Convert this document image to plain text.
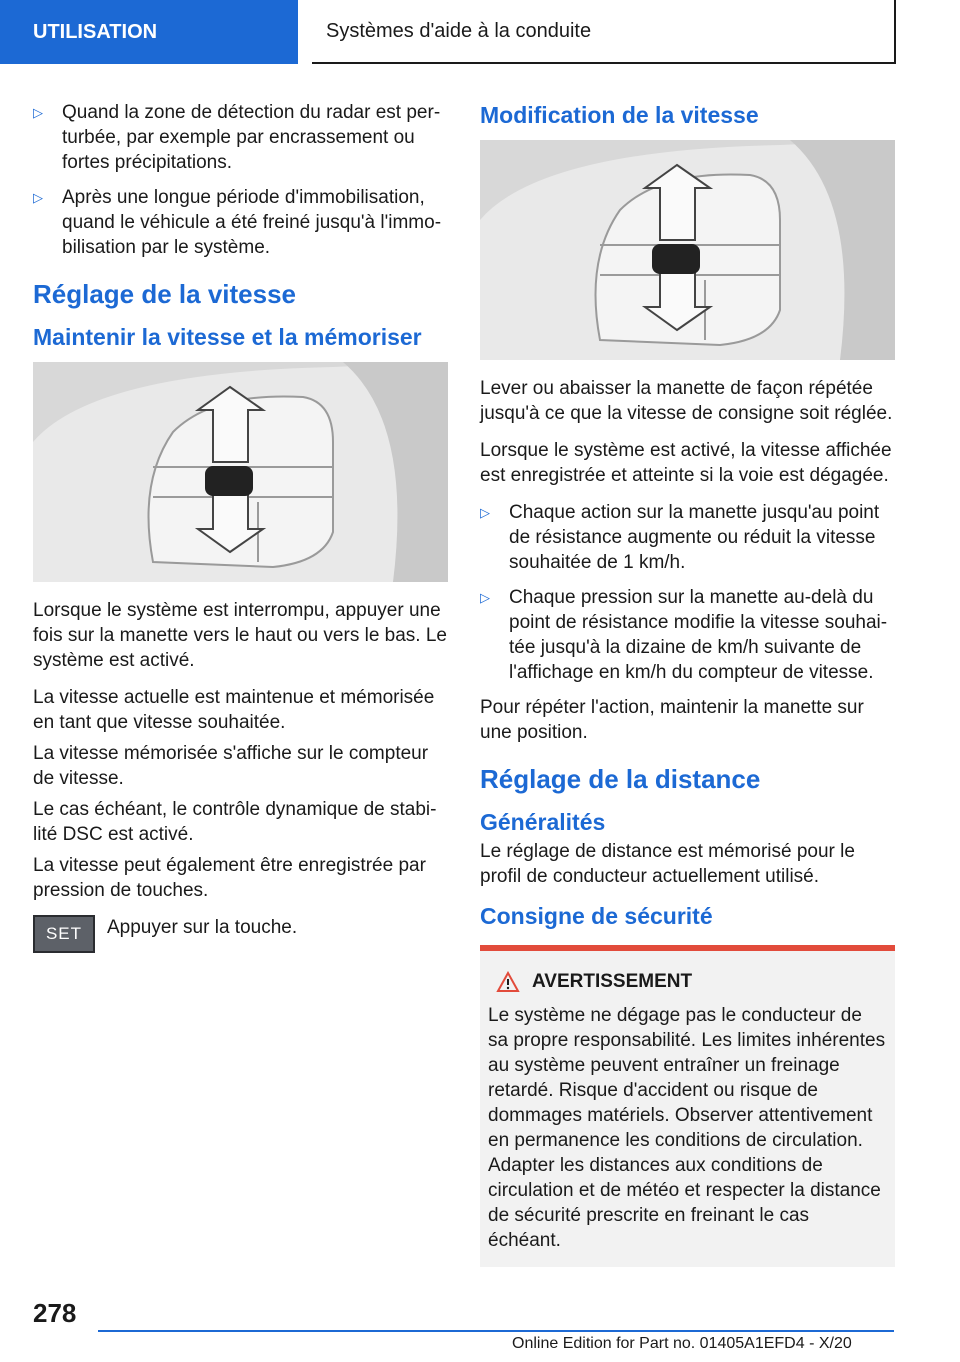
UTILISATION	Systèmes d'aide à la conduite
▷	Quand la zone de détection du radar est perturbée, par exemple par encrassement ou fortes précipitations.
▷	Après une longue période d'immobilisation, quand le véhicule a été freiné jusqu'à l'immobilisation par le système.
Réglage de la vitesse
Maintenir la vitesse et la mémoriser

Lorsque le système est interrompu, appuyer une fois sur la manette vers le haut ou vers le bas. Le système est activé.

La vitesse actuelle est maintenue et mémorisée en tant que vitesse souhaitée.

La vitesse mémorisée s'affiche sur le compteur de vitesse.

Le cas échéant, le contrôle dynamique de stabilité DSC est activé.

La vitesse peut également être enregistrée par pression de touches.

SET	Appuyer sur la touche.

Modification de la vitesse

Lever ou abaisser la manette de façon répétée jusqu'à ce que la vitesse de consigne soit réglée.

Lorsque le système est activé, la vitesse affichée est enregistrée et atteinte si la voie est dégagée.

▷	Chaque action sur la manette jusqu'au point de résistance augmente ou réduit la vitesse souhaitée de 1 km/h.
▷	Chaque pression sur la manette au-delà du point de résistance modifie la vitesse souhaitée jusqu'à la dizaine de km/h suivante de l'affichage en km/h du compteur de vitesse.

Pour répéter l'action, maintenir la manette sur une position.

Réglage de la distance
Généralités

Le réglage de distance est mémorisé pour le profil de conducteur actuellement utilisé.

Consigne de sécurité
AVERTISSEMENT

Le système ne dégage pas le conducteur de sa propre responsabilité. Les limites inhérentes au système peuvent entraîner un freinage retardé. Risque d'accident ou risque de dommages matériels. Observer attentivement en permanence les conditions de circulation. Adapter les distances aux conditions de circulation et de météo et respecter la distance de sécurité prescrite en freinant le cas échéant.

278
Online Edition for Part no. 01405A1EFD4 - X/20
